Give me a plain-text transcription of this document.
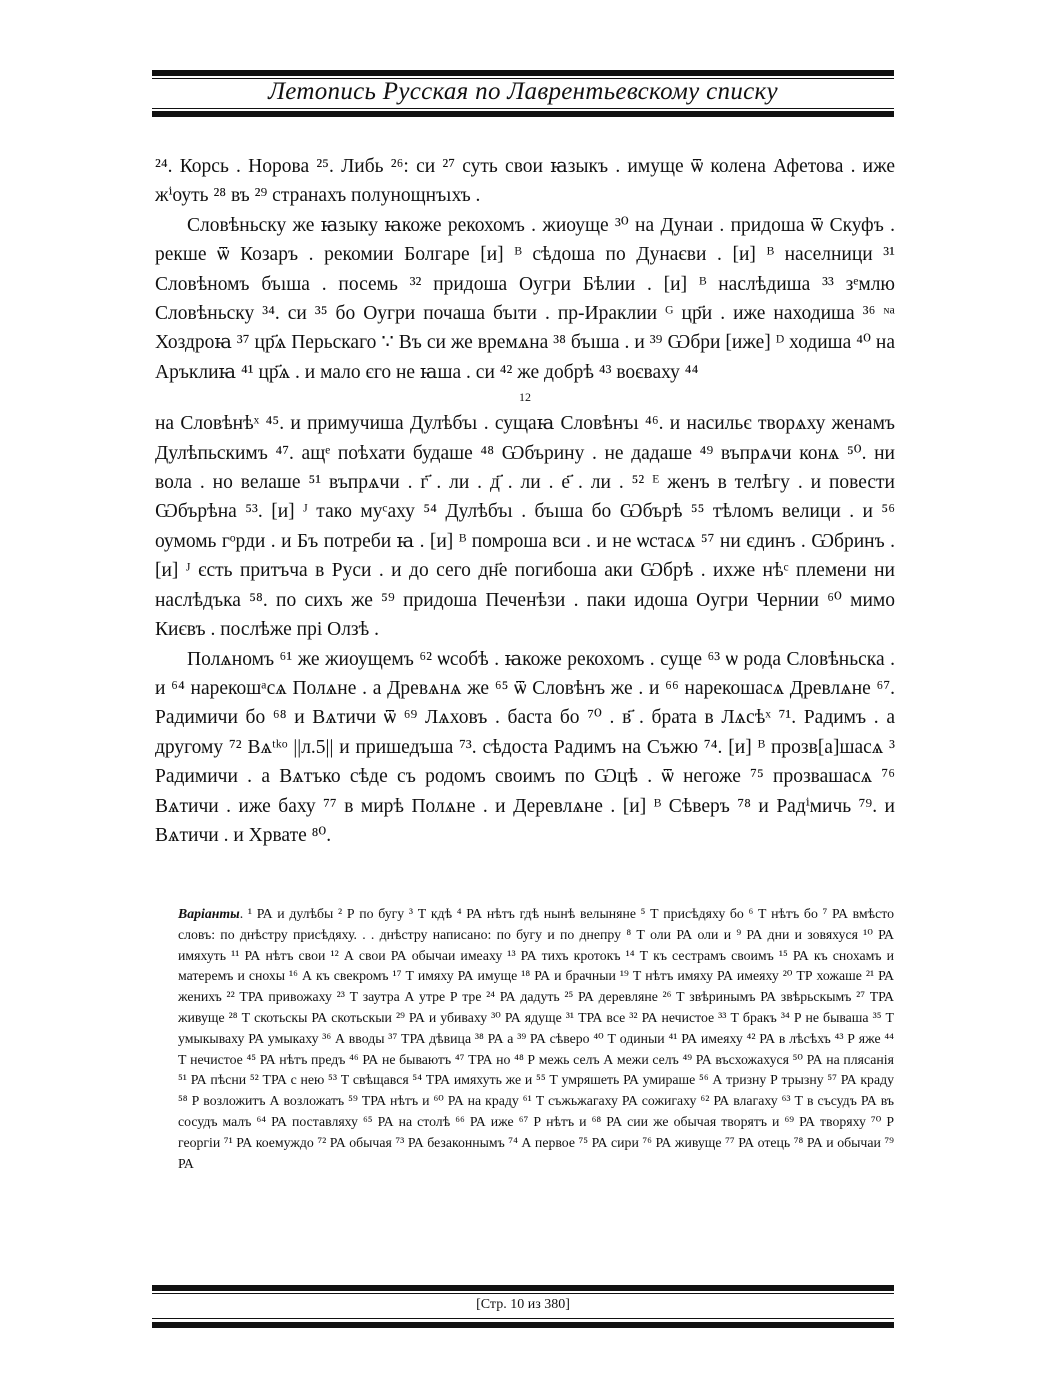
Летопись Русская по Лаврентьевскому списку

²⁴. Корсь . Норова ²⁵. Либь ²⁶: си ²⁷ суть свои ꙗзыкъ . имуще ѿ колена Афетова . иже жⁱоуть ²⁸ въ ²⁹ странахъ полунощнъıхъ .

Словѣньску же ꙗзыку ꙗкоже рекохомъ . жиоуще ³⁰ на Дунаи . придоша ѿ Скуфъ . рекше ѿ Козаръ . рекомии Болгаре [и] ᴮ сѣдоша по Дунаєви . [и] ᴮ населници ³¹ Словѣномъ бъıша . посемь ³² придоша Оугри Бѣлии . [и] ᴮ наслѣдиша ³³ зᵉмлю Словѣньску ³⁴. си ³⁵ бо Оугри почаша бъıти . пр-Ираклии ᴳ цр҃и . иже находиша ³⁶ ᶰᵃ Хоздроꙗ ³⁷ цр҃ѧ Перьскаго ∵ Въ си же времѧна ³⁸ бъıша . и ³⁹ Ѡбри [иже] ᴰ ходиша ⁴⁰ на Аръклиꙗ ⁴¹ цр҃ѧ . и мало єго не ꙗша . си ⁴² же добрѣ ⁴³ воєваху ⁴⁴

12

на Словѣнѣˣ ⁴⁵. и примучиша Дулѣбъı . сущаꙗ Словѣнъı ⁴⁶. и насильє творѧху женамъ Дулѣпьскимъ ⁴⁷. ащᵉ поѣхати будаше ⁴⁸ Ѡбърину . не дадаше ⁴⁹ въпрѧчи конѧ ⁵⁰. ни вола . но велаше ⁵¹ въпрѧчи . г҃ . ли . д҃ . ли . е҃ . ли . ⁵² ᴱ женъ в телѣгу . и повести Ѡбърѣна ⁵³. [и] ᴶ тако муᶜаху ⁵⁴ Дулѣбъı . бъıша бо Ѡбърѣ ⁵⁵ тѣломъ велици . и ⁵⁶ оумомь гᵒрди . и Бъ потреби ꙗ . [и] ᴮ помроша вси . и не ѡстасѧ ⁵⁷ ни єдинъ . Ѡбринъ . [и] ᴶ єсть притъча в Руси . и до сего дн҃е погибоша аки Ѡбрѣ . ихже нѣᶜ племени ни наслѣдъка ⁵⁸. по сихъ же ⁵⁹ придоша Печенѣзи . паки идоша Оугри Чернии ⁶⁰ мимо Києвъ . послѣже прі Олзѣ .

Полѧномъ ⁶¹ же жиоущемъ ⁶² ѡсобѣ . ꙗкоже рекохомъ . суще ⁶³ ѡ рода Словѣньска . и ⁶⁴ нарекошᵃсѧ Полѧне . а Древѧнѧ же ⁶⁵ ѿ Словѣнъ же . и ⁶⁶ нарекошасѧ Древлѧне ⁶⁷. Радимичи бо ⁶⁸ и Вѧтичи ѿ ⁶⁹ Лѧховъ . баста бо ⁷⁰ . в҃ . брата в Лѧсѣˣ ⁷¹. Радимъ . а другому ⁷² Вѧᵗᵏᵒ ||л.5|| и пришедъша ⁷³. сѣдоста Радимъ на Съжю ⁷⁴. [и] ᴮ прозв[а]шасѧ ³ Радимичи . а Вѧтъко сѣде съ родомъ своимъ по Ѡцѣ . ѿ негоже ⁷⁵ прозвашасѧ ⁷⁶ Вѧтичи . иже баху ⁷⁷ в мирѣ Полѧне . и Деревлѧне . [и] ᴮ Сѣверъ ⁷⁸ и Радⁱмичь ⁷⁹. и Вѧтичи . и Хрвате ⁸⁰.

Варіанты. ¹ РА и дулѣбы ² Р по бугу ³ Т кдѣ ⁴ РА нѣтъ гдѣ нынѣ велыняне ⁵ Т присѣдяху бо ⁶ Т нѣтъ бо ⁷ РА вмѣсто словъ: по днѣстру присѣдяху. . . днѣстру написано: по бугу и по днепру ⁸ Т оли РА оли и ⁹ РА дни и зовяхуся ¹⁰ РА имяхуть ¹¹ РА нѣтъ свои ¹² А свои РА обычаи имеаху ¹³ РА тихъ кротокъ ¹⁴ Т къ сестрамъ своимъ ¹⁵ РА къ снохамъ и матеремъ и снохы ¹⁶ А къ свекромъ ¹⁷ Т имяху РА имуще ¹⁸ РА и брачныи ¹⁹ Т нѣтъ имяху РА имеяху ²⁰ ТР хожаше ²¹ РА женихъ ²² ТРА привожаху ²³ Т заутра А утре Р тре ²⁴ РА дадуть ²⁵ РА деревляне ²⁶ Т звѣринымъ РА звѣрьскымъ ²⁷ ТРА живуще ²⁸ Т скотьскы РА скотьскыи ²⁹ РА и убиваху ³⁰ РА ядуще ³¹ ТРА все ³² РА нечистое ³³ Т бракъ ³⁴ Р не бываша ³⁵ Т умыкываху РА умыкаху ³⁶ А вводы ³⁷ ТРА дѣвица ³⁸ РА а ³⁹ РА сѣверо ⁴⁰ Т одиныи ⁴¹ РА имеяху ⁴² РА в лѣсѣхъ ⁴³ Р яже ⁴⁴ Т нечистое ⁴⁵ РА нѣтъ предъ ⁴⁶ РА не бываютъ ⁴⁷ ТРА но ⁴⁸ Р межь селъ А межи селъ ⁴⁹ РА въсхожахуся ⁵⁰ РА на плясанія ⁵¹ РА пѣсни ⁵² ТРА с нею ⁵³ Т свѣщався ⁵⁴ ТРА имяхуть же и ⁵⁵ Т умряшеть РА умираше ⁵⁶ А тризну Р трызну ⁵⁷ РА краду ⁵⁸ Р возложитъ А возложатъ ⁵⁹ ТРА нѣтъ и ⁶⁰ РА на краду ⁶¹ Т съжьжагаху РА сожигаху ⁶² РА влагаху ⁶³ Т в съсудъ РА въ сосудъ малъ ⁶⁴ РА поставляху ⁶⁵ РА на столѣ ⁶⁶ РА иже ⁶⁷ Р нѣтъ и ⁶⁸ РА сии же обычая творятъ и ⁶⁹ РА творяху ⁷⁰ Р георгіи ⁷¹ РА коемуждо ⁷² РА обычая ⁷³ РА безаконнымъ ⁷⁴ А первое ⁷⁵ РА сири ⁷⁶ РА живуще ⁷⁷ РА отець ⁷⁸ РА и обычаи ⁷⁹ РА
[Стр. 10 из 380]
